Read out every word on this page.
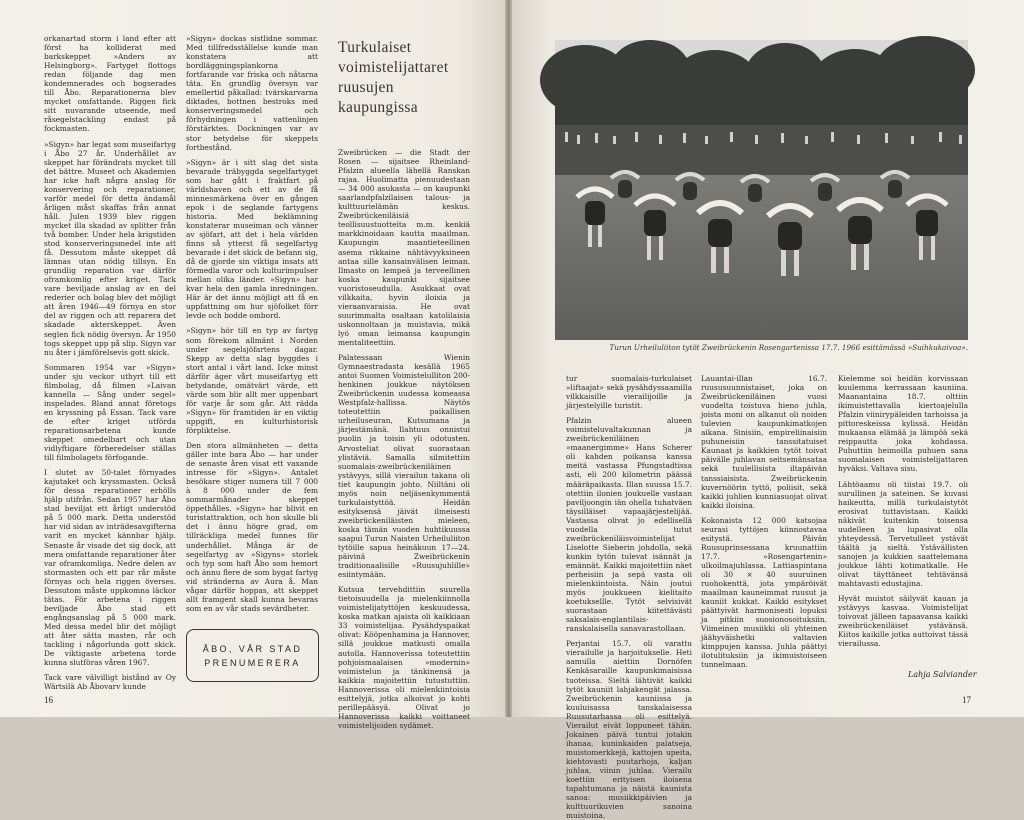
orkanartad storm i land efter att först ha kolliderat med barkskeppet »Anders av Helsingborg». Fartyget flottogs redan följande dag men kondemnerades och bogserades till Åbo. Reparationerna blev mycket omfattande. Riggen fick sitt nuvarande utseende, med råsegelstackling endast på fockmasten.

»Sigyn» har legat som museifartyg i Åbo 27 år. Underhållet av skeppet har förändrats mycket till det bättre. Museet och Akademien har icke haft några anslag för konservering och reparationer, varför medel för detta ändamål årligen måst skaffas från annat håll. Julen 1939 blev riggen mycket illa skadad av splitter från två bomber. Under hela krigstiden stod konserveringsmedel inte att få. Dessutom måste skeppet då lämnas utan nödig tillsyn. En grundlig reparation var därför oframkomlig efter kriget. Tack vare beviljade anslag av en del rederier och bolag blev det möjligt att åren 1946—49 förnya en stor del av riggen och att reparera det skadade akterskeppet. Även seglen fick nödig översyn. År 1950 togs skeppet upp på slip. Sigyn var nu åter i jämförelsevis gott skick.

Sommaren 1954 var »Sigyn» under sju veckor uthyrt till ett filmbolag, då filmen »Laivan kannella — Sång under segel» inspelades. Bland annat företogs en kryssning på Essan. Tack vare de efter kriget utförda reparationsarbetena kunde skeppet omedelbart och utan vidlyftigare förberedelser ställas till filmbolagets förfogande.

I slutet av 50-talet förnyades kajutaket och kryssmasten. Också för dessa reparationer erhölls hjälp utifrån. Sedan 1957 har Åbo stad beviljat ett årligt understöd på 5 000 mark. Detta understöd har vid sidan av inträdesavgifterna varit en mycket kännbar hjälp. Senaste år visade det sig dock, att mera omfattande reparationer åter var oframkomliga. Nedre delen av stormasten och ett par rår måste förnyas och hela riggen överses. Dessutom måste uppkomna läckor tätas. För arbetena i riggen beviljade Åbo stad ett engångsanslag på 5 000 mark. Med dessa medel blir det möjligt att åter sätta masten, rår och tackling i någorlunda gott skick. De viktigaste arbetena torde kunna slutföras våren 1967.

Tack vare välvilligt bistånd av Oy Wärtsilä Ab Åbovarv kunde

»Sigyn» dockas sistlidne sommar. Med tillfredsställelse kunde man konstatera att bordläggningsplankorna fortfarande var friska och nåtarna täta. En grundlig översyn var emellertid påkallad: tvärskarvarna diktades, bottnen bestroks med konserveringsmedel och förhydningen i vattenlinjen förstärktes. Dockningen var av stor betydelse för skeppets fortbestånd.

»Sigyn» är i sitt slag det sista bevarade träbyggda segelfartyget som har gått i fraktfart på världshaven och ett av de få minnesmärkena över en gången epok i de seglande fartygens historia. Med beklämning konstaterar museiman och vänner av sjöfart, att det i hela världen finns så ytterst få segelfartyg bevarade i det skick de befann sig, då de gjorde sin viktiga insats att förmedla varor och kulturimpulser mellan olika länder. »Sigyn» har kvar hela den gamla inredningen. Här är det ännu möjligt att få en uppfattning om hur sjöfolket förr levde och bodde ombord.

»Sigyn» hör till en typ av fartyg som förekom allmänt i Norden under segelsjöfartens dagar. Skepp av detta slag byggdes i stort antal i vårt land. Icke minst därför äger vårt museifartyg ett betydande, omätvärt värde, ett värde som blir allt mer uppenbart för varje år som går. Att rädda »Sigyn» för framtiden är en viktig uppgift, en kulturhistorisk förpliktelse.

Den stora allmänheten — detta gäller inte bara Åbo — har under de senaste åren visat ett vaxande intresse för »Sigyn». Antalet besökare stiger numera till 7 000 à 8 000 under de fem sommarmånader skeppet öppethålles. »Sigyn» har blivit en turistattraktion, och hon skulle bli det i ännu högre grad, om tillräckliga medel funnes för underhållet. Många är de segelfartyg av »Sigyns» storlek och typ som haft Åbo som hemort och ännu flere de som bygat fartyg vid stränderna av Aura å. Man vågar därför hoppas, att skeppet allt framgent skall kunna bevaras som en av vår stads sevärdheter.

ÅBO, VÅR STAD
PRENUMERERA
16
Turkulaiset
voimistelijattaret
ruusujen
kaupungissa

Zweibrücken — die Stadt der Rosen — sijaitsee Rheinland-Pfalzin alueella lähellä Ranskan rajaa. Huolimatta pienuudestaan — 34 000 asukasta — on kaupunki saarlandpfalzilaisen talous- ja kulttuurielämän keskus. Zweibrückeniläisiä teollisuustuotteita m.m. kenkiä markkinoidaan kautta maailman. Kaupungin maantieteellinen asema rikkaine nähtävyyksineen antaa sille kansainvälisen leiman. Ilmasto on lempeä ja terveellinen koska kaupunki sijaitsee vuoristoseudulla. Asukkaat ovat vilkkaita, hyvin iloisia ja vieraanvaraisia. He ovat suurimmalta osaltaan katolilaisia uskonnoltaan ja muistavia, mikä lyö oman leimansa kaupungin mentaliteettiin.

Palatessaan Wienin Gymnaestradasta kesällä 1965 antoi Suomen Voimistelulliton 200-henkinen joukkue näytöksen Zweibrückenin uudessa komeassa Westpfalz-hallissa. Näytös toteutettiin paikallisen urheiluseuran, Kutsumana ja järjestämänä. Ilahtuus onnistui puolin ja toisin yli odotusten. Arvosteliat olivat suorastaan ylistäviä. Samalla silmitettiin suomalais-zweibrückeniläinen ystävyys, sillä vierailun takana oli tiet kaupungin johto. Niiltäni oli myös noin neljäsenkymmentä turkulaistyttöä. Heidän esityksensä jäivät ilmeisesti zweibrückeniläisten mieleen, koska tämän vuoden huhtikuussa saapui Turun Naisten Urheiluliiton tytöille sapua heinäkuun 17—24. päivinä Zweibrückenin traditionaalisille »Ruusujuhlille» esiintymään.

Kutsua tervehdittiin suurella tietoisuudella ja mielenkiinnolla voimistelijatyttöjen keskuudessa, koska matkan ajaista oli kaikkiaan 33 voimistelijaa. Pysähdyspaikat olivat: Kööpenhamina ja Hannover, sillä joukkue matkusti omalla autolla. Hannoverissa toteutettiin pohjoismaalaisen »modernin» voimistelun ja tänkinensä ja kaikkia majoitettiin tutustuttiin. Hannoverissa oli mielenkiintoisia esittelyjä, jotka alkoivat jo kohti perillepääsyä. Olivat jo Hannoverissa kaikki voittaneet voimistelijoiden sydämet.

Turun Urheiluliiton tytöt Zweibrückenin Rosengartenissa 17.7. 1966 esittämässä »Suihkukaivoa».

tur suomalais-turkulaiset »liftaajat» sekä pysähdyssaamilla vilkkaisille vierailijoille ja järjestelyille turistit.

Pfalzin alueen voimisteluvaltakunnan ja zweibrückeniläinen »maanergimme» Hans Scherer oli kahden poikansa kanssa meitä vastassa Pfungstadtissa asti, eli 200 kilometrin päässä määräpaikasta. Illan suussa 15.7. otettiin ilonien joukuelle vastaan paviljoongin iän ohella tuhatväen täysilläiset vapaajärjestelijää. Vastassa olivat jo edellisellä vuodella tutut zweibrückeniläisvoimistelijat Liselotte Sieberin johdolla, sekä kunkin tytön tulevat isännät ja emännät. Kaikki majoitettiin näet perheisiin ja sepä vasta oli mielenkiintoista. Näin joutui myös joukkueen kielitaito koetuksellle. Tytöt selvisivät suorastaan kiitettävästi saksalais-englantilais-ranskalaisella sanavarastollaan.

Perjantai 15.7. oli varattu vierailulle ja harjoitukselle. Heti aamulla aiettiin Dornöfen Kenkäsaraille kaupunkimaisissa tuoteissa. Sieltä lähtivät kaikki tytöt kauniit lahjakengät jalassa. Zweibrückenin kauniissa ja kuuluisassa tanskalaisessa Ruusutarhassa oli esittelyä. Vierailut eivät loppuneet tähän. Jokainen päivä tuntui jotakin ihanaa, kuninkaiden palatseja, muistomerkkejä, kattojen upeita, kiehtovasti puutarhoja, kaljan juhlaa, viinin juhlaa. Vierailu koettiin erityisen iloisena tapahtumana ja näistä kaunista sanoa: musiikkipäivien ja kulttuurikuvien sanoina muistoina.

Lauantai-illan 16.7. ruususuunnistaiset, joka on Zweibrückeniläinen vuosi vuodelta toistuva hieno juhla, joista moni on alkanut oli noiden tulevien kaupunkimatkojen aikana. Sinisiin, empireliinaisiin puhuneisiin tanssitatuiset Kaunaat ja kaikkien tytöt toivat päivälle juhlavan seitsemänsataa sekä tuulellisista iltapäivän tanssiaisista. Zweibrückenin kuvernöörin tyttö, poliisit, sekä kaikki juhlien kunniasuojat olivat kaikki iloisina.

Kokonaista 12 000 katsojaa seurasi tyttöjen kiinnostavaa esitystä. Päivän Ruusuprinsessana kruunattiin 17.7. »Rosengartenin» ulkoilmajuhlassa. Lattiaspintana oli 30 × 40 suuruinen ruohokenttä, jota ympäröivät maailman kauneimmat ruusut ja kauniit kukkat. Kaikki esitykset päättyivät harmonisesti lopuksi ja pitkiin suosionosoituksiin. Viimeinen musiikki oli yhteinen jäähyväishetki valtavien kimppujen kanssa. Juhla päättyi ilotulituksiin ja ikimuistoiseen tunnelmaan.

Kielemme soi heidän korvissaan kuulemma kerrassaan kauniina. Maanantaina 18.7. olttiin ikimuistettavalla kiertoajelulla Pfalzin viinirypäleiden tarhoissa ja pittoreskeissa kylissä. Heidän mukaansa elämää ja lämpöä sekä reippautta joka kohdassa. Puhuttiin heimoilla puhuen sana suomalaisen voimistelijattaren hyväksi. Valtava sisu.

Lähtöaamu oli tiistai 19.7. oli surullinen ja sateinen. Se kuvasi haikeutta, millä turkulaistytöt erosivat tuttavistaan. Kaikki näkivät kuitenkin toisensa uudelleen ja lupasivat olla yhteydessä. Tervetulleet ystävät täältä ja sieltä. Ystävällisten sanojen ja kukkien saattelemana joukkue lähti kotimatkalle. He olivat täyttäneet tehtävänsä mahtavasti edustajina.

Hyvät muistot säilyvät kauan ja ystävyys kasvaa. Voimistelijat toivovat jälleen tapaavansa kaikki zweibrückeniläiset ystävänsä. Kiitos kaikille jotka auttoivat tässä vierailussa.

Lahja Salviander
17
